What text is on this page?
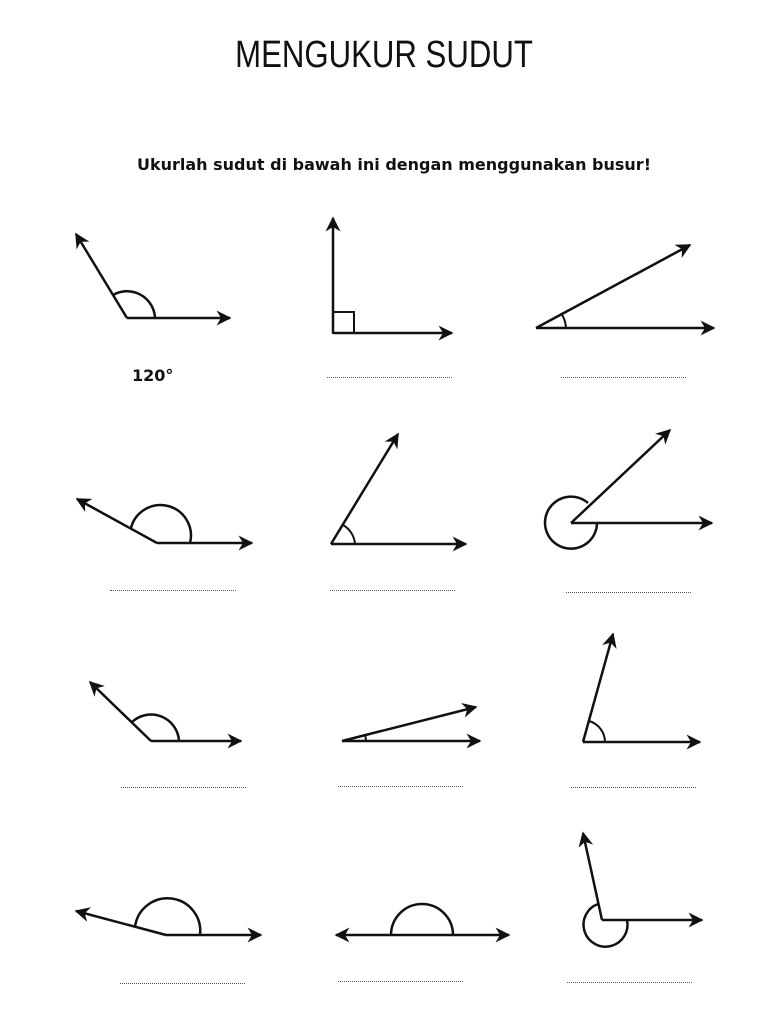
MENGUKUR SUDUT
Ukurlah sudut di bawah ini dengan menggunakan busur!
120°
